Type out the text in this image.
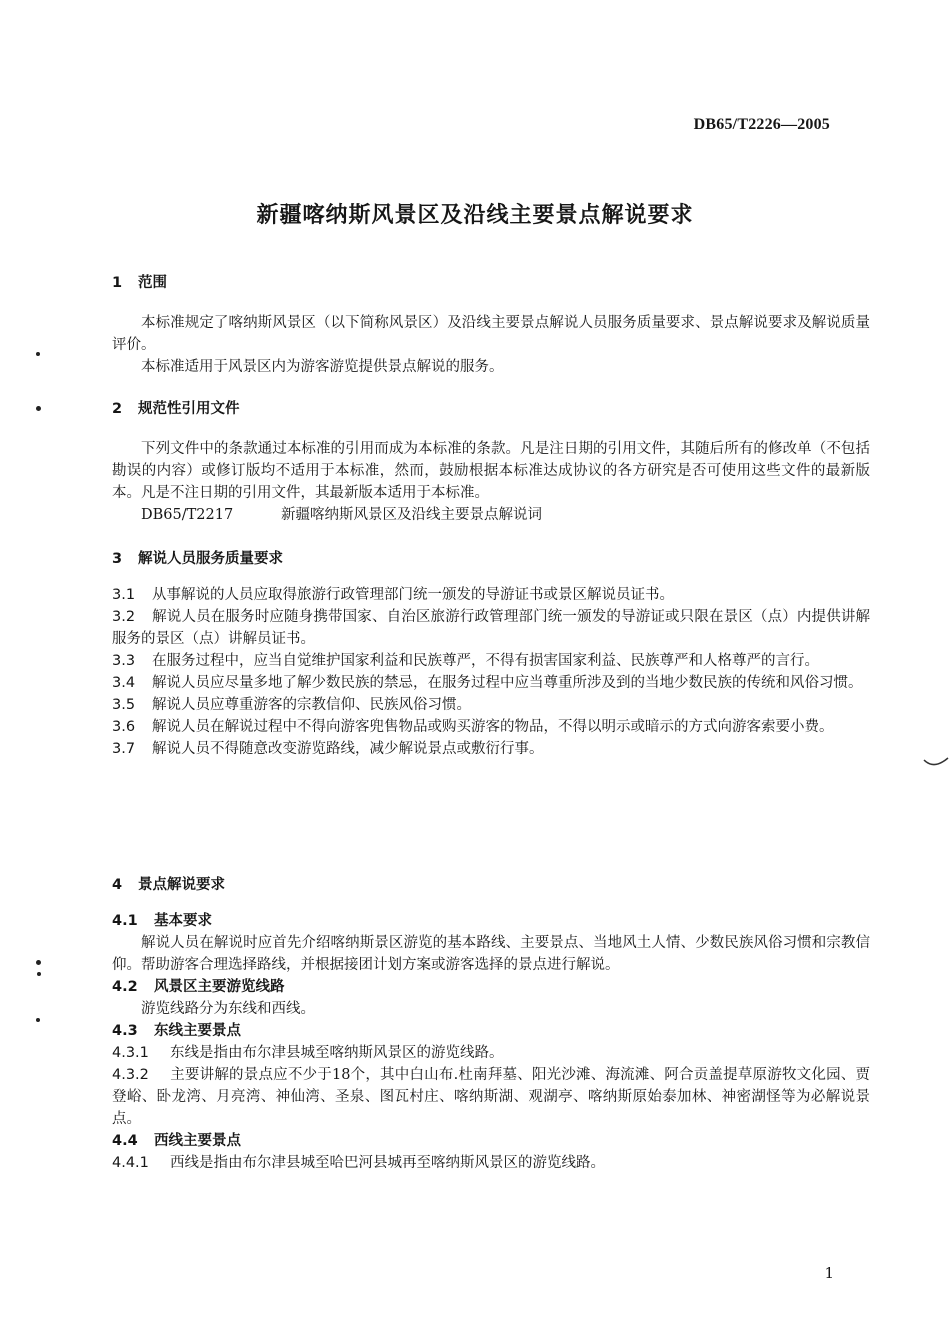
DB65/T2226—2005
新疆喀纳斯风景区及沿线主要景点解说要求
1 范围
本标准规定了喀纳斯风景区（以下简称风景区）及沿线主要景点解说人员服务质量要求、景点解说要求及解说质量评价。
本标准适用于风景区内为游客游览提供景点解说的服务。
2 规范性引用文件
下列文件中的条款通过本标准的引用而成为本标准的条款。凡是注日期的引用文件，其随后所有的修改单（不包括勘误的内容）或修订版均不适用于本标准，然而，鼓励根据本标准达成协议的各方研究是否可使用这些文件的最新版本。凡是不注日期的引用文件，其最新版本适用于本标准。
DB65/T2217	新疆喀纳斯风景区及沿线主要景点解说词
3 解说人员服务质量要求
3.1 从事解说的人员应取得旅游行政管理部门统一颁发的导游证书或景区解说员证书。
3.2 解说人员在服务时应随身携带国家、自治区旅游行政管理部门统一颁发的导游证或只限在景区（点）内提供讲解服务的景区（点）讲解员证书。
3.3 在服务过程中，应当自觉维护国家利益和民族尊严，不得有损害国家利益、民族尊严和人格尊严的言行。
3.4 解说人员应尽量多地了解少数民族的禁忌，在服务过程中应当尊重所涉及到的当地少数民族的传统和风俗习惯。
3.5 解说人员应尊重游客的宗教信仰、民族风俗习惯。
3.6 解说人员在解说过程中不得向游客兜售物品或购买游客的物品，不得以明示或暗示的方式向游客索要小费。
3.7 解说人员不得随意改变游览路线，减少解说景点或敷衍行事。
4 景点解说要求
4.1 基本要求
解说人员在解说时应首先介绍喀纳斯景区游览的基本路线、主要景点、当地风土人情、少数民族风俗习惯和宗教信仰。帮助游客合理选择路线，并根据接团计划方案或游客选择的景点进行解说。
4.2 风景区主要游览线路
游览线路分为东线和西线。
4.3 东线主要景点
4.3.1 东线是指由布尔津县城至喀纳斯风景区的游览线路。
4.3.2 主要讲解的景点应不少于18个，其中白山布.杜南拜墓、阳光沙滩、海流滩、阿合贡盖提草原游牧文化园、贾登峪、卧龙湾、月亮湾、神仙湾、圣泉、图瓦村庄、喀纳斯湖、观湖亭、喀纳斯原始泰加林、神密湖怪等为必解说景点。
4.4 西线主要景点
4.4.1 西线是指由布尔津县城至哈巴河县城再至喀纳斯风景区的游览线路。
1
